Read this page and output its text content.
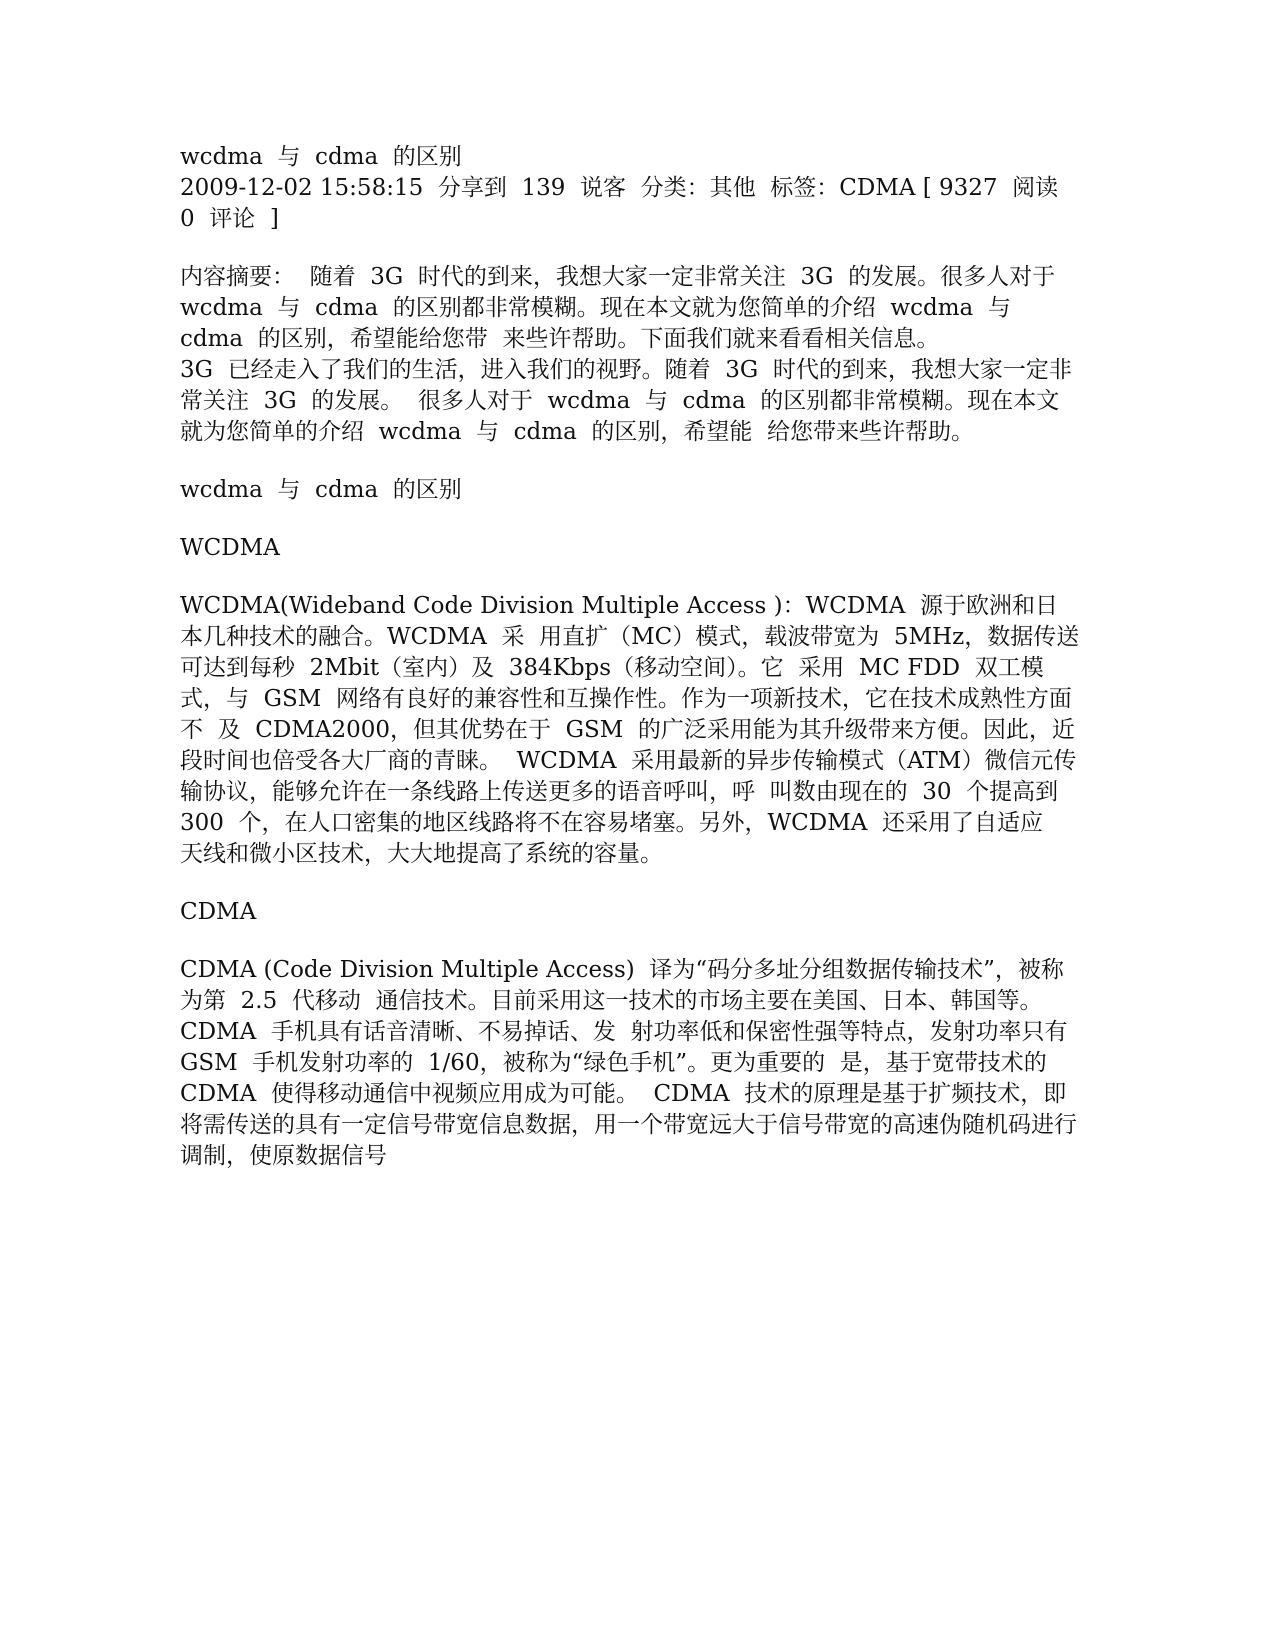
wcdma  与  cdma  的区别

2009-12-02 15:58:15  分享到  139  说客  分类：其他  标签：CDMA [ 9327  阅读  0  评论  ]

内容摘要：  随着  3G  时代的到来，我想大家一定非常关注  3G  的发展。很多人对于  wcdma  与  cdma  的区别都非常模糊。现在本文就为您简单的介绍  wcdma  与  cdma  的区别，希望能给您带  来些许帮助。下面我们就来看看相关信息。

3G  已经走入了我们的生活，进入我们的视野。随着  3G  时代的到来，我想大家一定非常关注  3G  的发展。  很多人对于  wcdma  与  cdma  的区别都非常模糊。现在本文就为您简单的介绍  wcdma  与  cdma  的区别，希望能  给您带来些许帮助。

wcdma  与  cdma  的区别

WCDMA

WCDMA(Wideband Code Division Multiple Access )：WCDMA  源于欧洲和日本几种技术的融合。WCDMA  采  用直扩（MC）模式，载波带宽为  5MHz，数据传送可达到每秒  2Mbit（室内）及  384Kbps（移动空间）。它  采用  MC FDD  双工模式，与  GSM  网络有良好的兼容性和互操作性。作为一项新技术，它在技术成熟性方面不  及  CDMA2000，但其优势在于  GSM  的广泛采用能为其升级带来方便。因此，近段时间也倍受各大厂商的青睐。  WCDMA  采用最新的异步传输模式（ATM）微信元传输协议，能够允许在一条线路上传送更多的语音呼叫，呼  叫数由现在的  30  个提高到  300  个，在人口密集的地区线路将不在容易堵塞。另外，WCDMA  还采用了自适应  天线和微小区技术，大大地提高了系统的容量。

CDMA

CDMA (Code Division Multiple Access)  译为“码分多址分组数据传输技术”，被称为第  2.5  代移动  通信技术。目前采用这一技术的市场主要在美国、日本、韩国等。CDMA  手机具有话音清晰、不易掉话、发  射功率低和保密性强等特点，发射功率只有  GSM  手机发射功率的  1/60，被称为“绿色手机”。更为重要的  是，基于宽带技术的  CDMA  使得移动通信中视频应用成为可能。  CDMA  技术的原理是基于扩频技术，即将需传送的具有一定信号带宽信息数据，用一个带宽远大于信号带宽的高速伪随机码进行调制，使原数据信号
